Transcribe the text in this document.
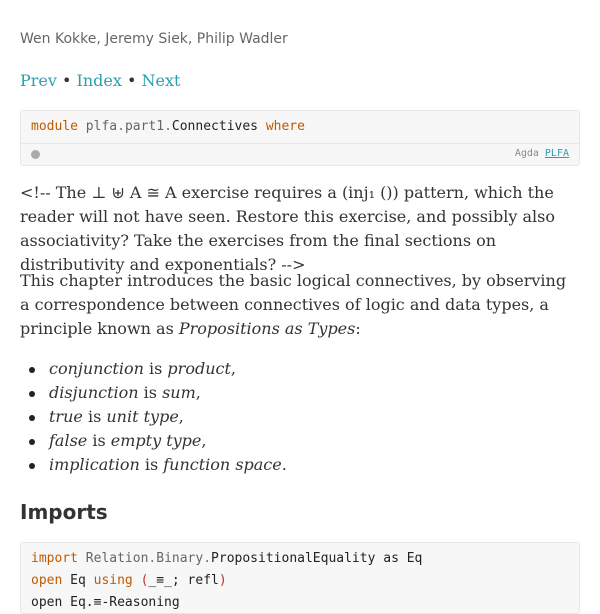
Wen Kokke, Jeremy Siek, Philip Wadler
Prev • Index • Next
module plfa.part1.Connectives where
Agda PLFA

<!-- The ⊥ ⊎ A ≅ A exercise requires a (inj₁ ()) pattern, which the reader will not have seen. Restore this exercise, and possibly also associativity? Take the exercises from the final sections on distributivity and exponentials? -->

This chapter introduces the basic logical connectives, by observing a correspondence between connectives of logic and data types, a principle known as Propositions as Types:

conjunction is product,
disjunction is sum,
true is unit type,
false is empty type,
implication is function space.
Imports
import Relation.Binary.PropositionalEquality as Eq
open Eq using (_≡_; refl)
open Eq.≡-Reasoning
